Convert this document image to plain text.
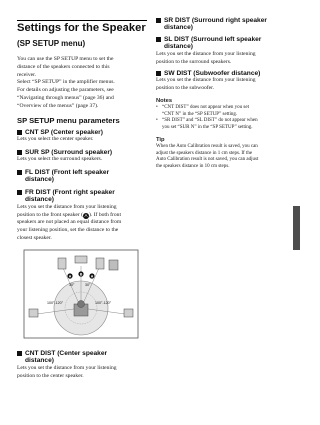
Settings for the Speaker
(SP SETUP menu)

You can use the SP SETUP menu to set the

distance of the speakers connected to this

receiver.

Select “SP SETUP” in the amplifier menus.

For details on adjusting the parameters, see

“Navigating through menus” (page 36) and

“Overview of the menus” (page 37).

SP SETUP menu parameters
CNT SP (Center speaker)

Lets you select the center speaker.

SUR SP (Surround speaker)

Lets you select the surround speakers.

FL DIST (Front left speaker
distance)
FR DIST (Front right speaker
distance)

Lets you set the distance from your listening

position to the front speaker (A ). If both front

speakers are not placed an equal distance from

your listening position, set the distance to the

closest speaker.

30°	30°
100°-120°	100°-120°
A	A
B
CNT DIST (Center speaker
distance)

Lets you set the distance from your listening

position to the center speaker.

SR DIST (Surround right speaker
distance)
SL DIST (Surround left speaker
distance)

Lets you set the distance from your listening

position to the surround speakers.

SW DIST (Subwoofer distance)

Lets you set the distance from your listening

position to the subwoofer.

Notes

• “CNT DIST” does not appear when you set
“CNT N” in the “SP SETUP” setting.
• “SR DIST” and “SL DIST” do not appear when
you set “SUR N” in the “SP SETUP” setting.

Tip

When the Auto Calibration result is saved, you can

adjust the speakers distance in 1 cm steps. If the

Auto Calibration result is not saved, you can adjust

the speakers distance in 10 cm steps.
